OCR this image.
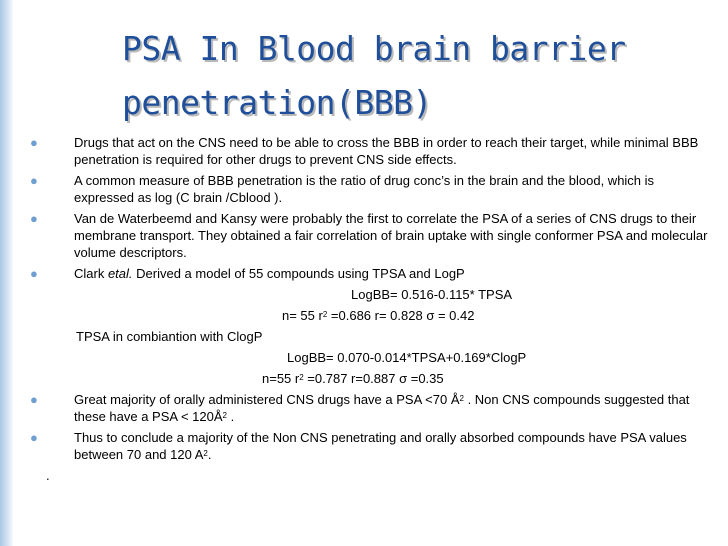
PSA In Blood brain barrier
penetration(BBB)
●	Drugs that act on the CNS need to be able to cross the BBB in order to reach their target, while minimal BBB penetration is required for other drugs to prevent CNS side effects.
●	A common measure of BBB penetration is the ratio of drug conc’s in the brain and the blood, which is expressed as log (C brain /Cblood ).
●	Van de Waterbeemd and Kansy were probably the first to correlate the PSA of a series of CNS drugs to their membrane transport. They obtained a fair correlation of brain uptake with single conformer PSA and molecular volume descriptors.
●	Clark etal. Derived a model of 55 compounds using TPSA and LogP
LogBB= 0.516-0.115* TPSA
n= 55 $r^2 =0.686$ r= 0.828 σ = 0.42
TPSA in combiantion with ClogP
LogBB= 0.070-0.014*TPSA+0.169*ClogP
n=55 $r^2 =0.787$ r=0.887 σ =0.35
●	Great majority of orally administered CNS drugs have a PSA <70 $Å^2$ . Non CNS compounds suggested that these have a PSA < $120Å^2$ .
●	Thus to conclude a majority of the Non CNS penetrating and orally absorbed compounds have PSA values between 70 and 120 $A^2$.
.
